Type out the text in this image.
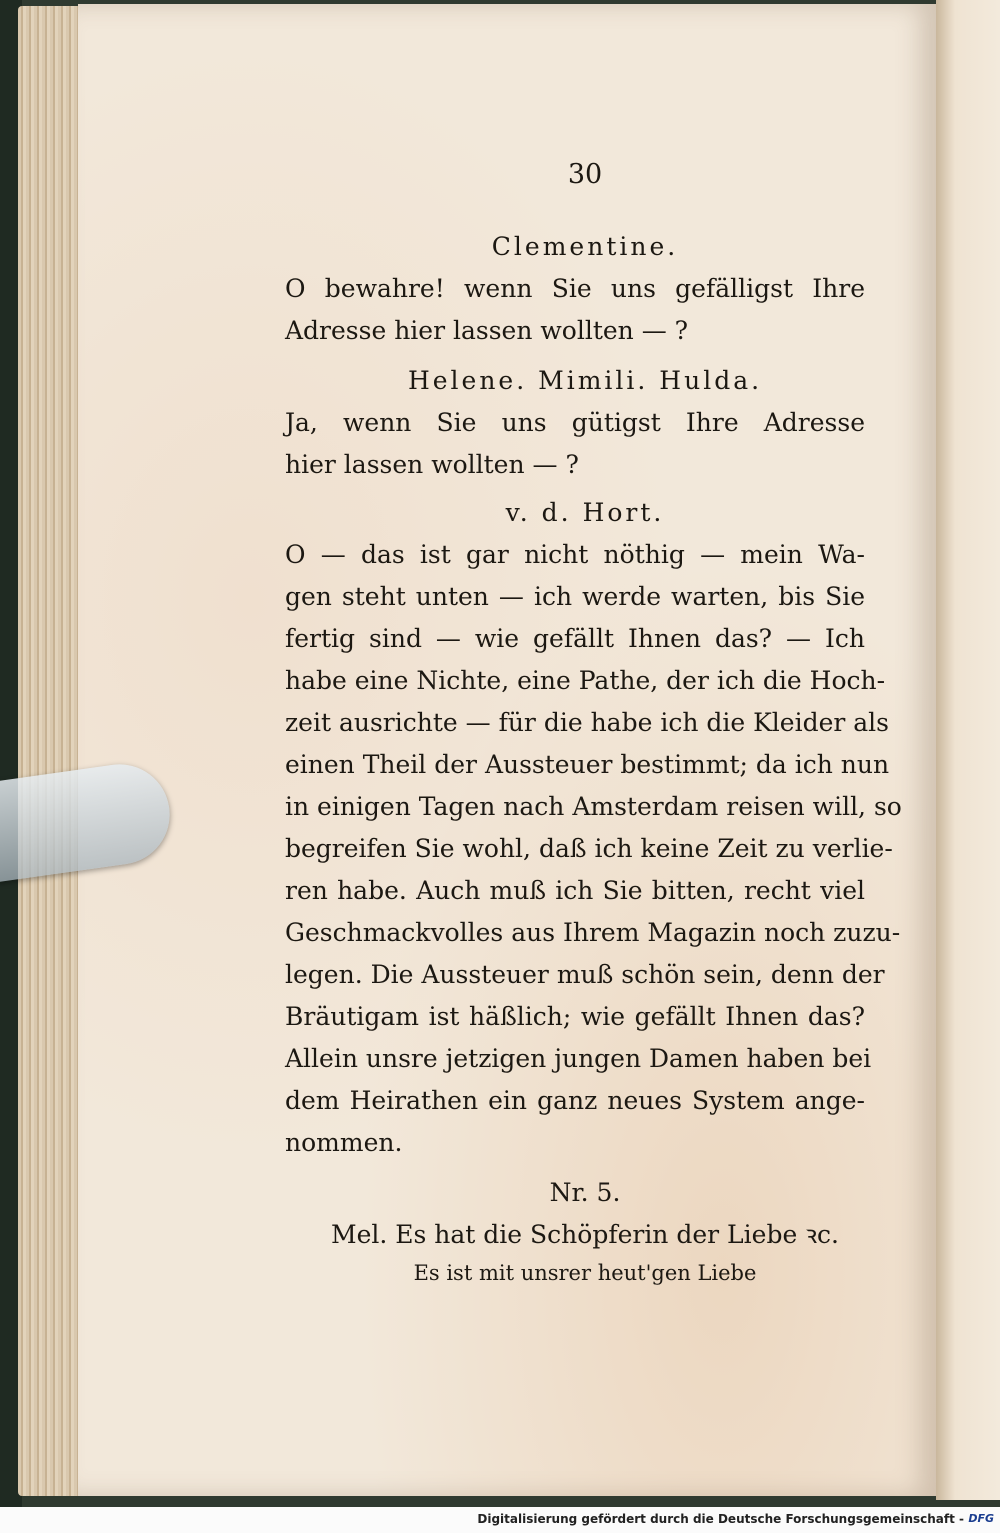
30
Clementine.
O bewahre! wenn Sie uns gefälligst Ihre
Adresse hier lassen wollten — ?
Helene. Mimili. Hulda.
Ja, wenn Sie uns gütigst Ihre Adresse
hier lassen wollten — ?
v. d. Hort.
O — das ist gar nicht nöthig — mein Wa-
gen steht unten — ich werde warten, bis Sie
fertig sind — wie gefällt Ihnen das? — Ich
habe eine Nichte, eine Pathe, der ich die Hoch-
zeit ausrichte — für die habe ich die Kleider als
einen Theil der Aussteuer bestimmt; da ich nun
in einigen Tagen nach Amsterdam reisen will, so
begreifen Sie wohl, daß ich keine Zeit zu verlie-
ren habe. Auch muß ich Sie bitten, recht viel
Geschmackvolles aus Ihrem Magazin noch zuzu-
legen. Die Aussteuer muß schön sein, denn der
Bräutigam ist häßlich; wie gefällt Ihnen das?
Allein unsre jetzigen jungen Damen haben bei
dem Heirathen ein ganz neues System ange-
nommen.
Nr. 5.
Mel. Es hat die Schöpferin der Liebe ꝛc.
Es ist mit unsrer heut'gen Liebe
Digitalisierung gefördert durch die Deutsche Forschungsgemeinschaft - DFG
